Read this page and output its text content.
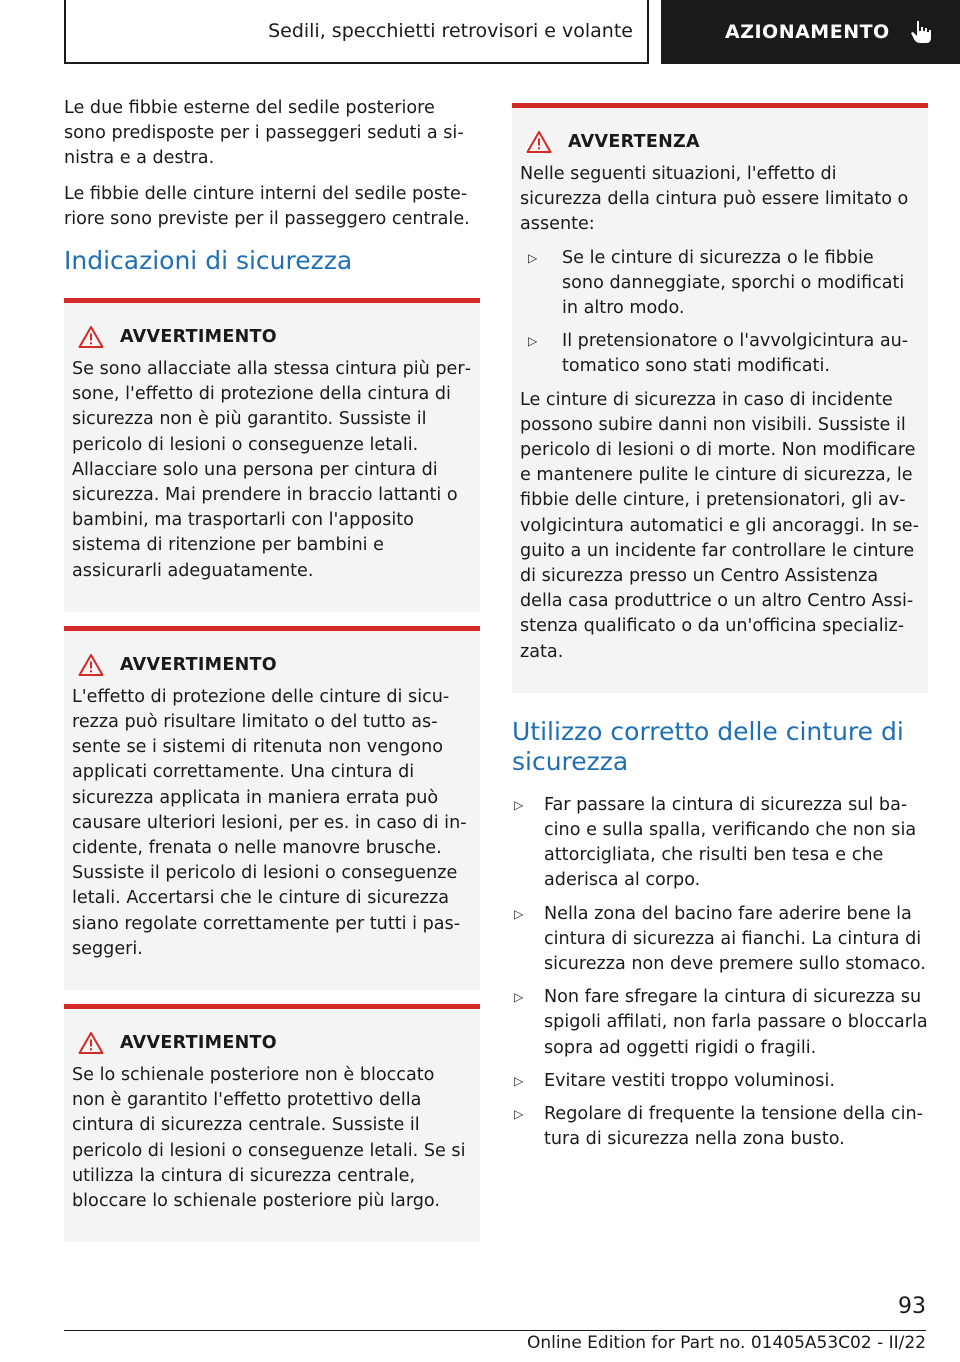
Sedili, specchietti retrovisori e volante	AZIONAMENTO

Le due fibbie esterne del sedile posteriore sono predisposte per i passeggeri seduti a sinistra e a destra.

Le fibbie delle cinture interni del sedile posteriore sono previste per il passeggero centrale.

Indicazioni di sicurezza
AVVERTIMENTO

Se sono allacciate alla stessa cintura più persone, l'effetto di protezione della cintura di sicurezza non è più garantito. Sussiste il pericolo di lesioni o conseguenze letali. Allacciare solo una persona per cintura di sicurezza. Mai prendere in braccio lattanti o bambini, ma trasportarli con l'apposito sistema di ritenzione per bambini e assicurarli adeguatamente.

AVVERTIMENTO

L'effetto di protezione delle cinture di sicurezza può risultare limitato o del tutto assente se i sistemi di ritenuta non vengono applicati correttamente. Una cintura di sicurezza applicata in maniera errata può causare ulteriori lesioni, per es. in caso di incidente, frenata o nelle manovre brusche. Sussiste il pericolo di lesioni o conseguenze letali. Accertarsi che le cinture di sicurezza siano regolate correttamente per tutti i passeggeri.

AVVERTIMENTO

Se lo schienale posteriore non è bloccato non è garantito l'effetto protettivo della cintura di sicurezza centrale. Sussiste il pericolo di lesioni o conseguenze letali. Se si utilizza la cintura di sicurezza centrale, bloccare lo schienale posteriore più largo.

AVVERTENZA

Nelle seguenti situazioni, l'effetto di sicurezza della cintura può essere limitato o assente:

▷	Se le cinture di sicurezza o le fibbie sono danneggiate, sporchi o modificati in altro modo.
▷	Il pretensionatore o l'avvolgicintura automatico sono stati modificati.

Le cinture di sicurezza in caso di incidente possono subire danni non visibili. Sussiste il pericolo di lesioni o di morte. Non modificare e mantenere pulite le cinture di sicurezza, le fibbie delle cinture, i pretensionatori, gli avvolgicintura automatici e gli ancoraggi. In seguito a un incidente far controllare le cinture di sicurezza presso un Centro Assistenza della casa produttrice o un altro Centro Assistenza qualificato o da un'officina specializzata.

Utilizzo corretto delle cinture di sicurezza
▷	Far passare la cintura di sicurezza sul bacino e sulla spalla, verificando che non sia attorcigliata, che risulti ben tesa e che aderisca al corpo.
▷	Nella zona del bacino fare aderire bene la cintura di sicurezza ai fianchi. La cintura di sicurezza non deve premere sullo stomaco.
▷	Non fare sfregare la cintura di sicurezza su spigoli affilati, non farla passare o bloccarla sopra ad oggetti rigidi o fragili.
▷	Evitare vestiti troppo voluminosi.
▷	Regolare di frequente la tensione della cintura di sicurezza nella zona busto.
93
Online Edition for Part no. 01405A53C02 - II/22
